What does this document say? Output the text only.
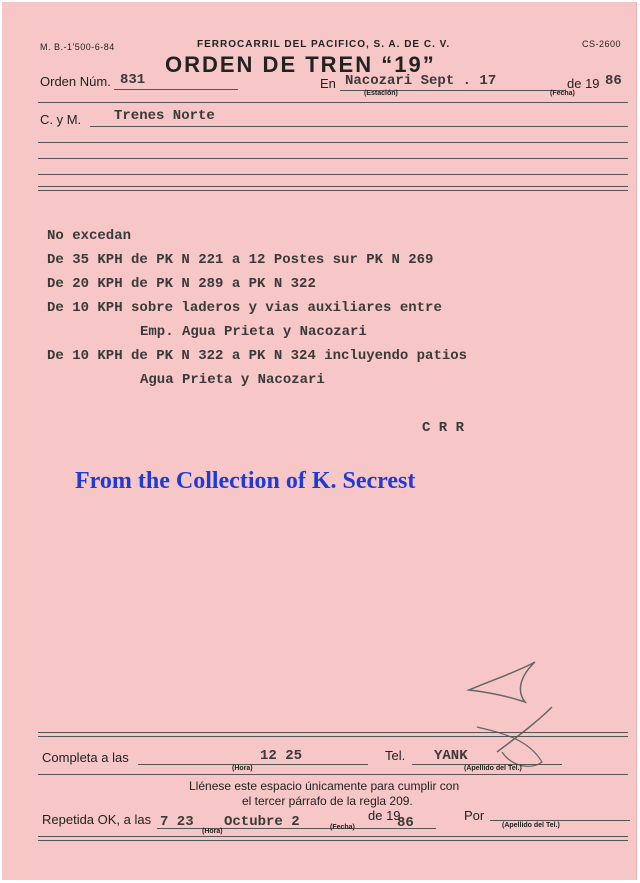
M. B.-1'500-6-84	FERROCARRIL DEL PACIFICO, S. A. DE C. V.	CS-2600
ORDEN DE TREN “19”
Orden Núm. 831	En Nacozari Sept . 17
(Estación)
de 19 86
(Fecha)
C. y M. Trenes Norte
No excedan
De 35 KPH de PK N 221 a 12 Postes sur PK N 269
De 20 KPH de PK N 289 a PK N 322
De 10 KPH sobre laderos y vias auxiliares entre
Emp. Agua Prieta y Nacozari
De 10 KPH de PK N 322 a PK N 324 incluyendo patios
Agua Prieta y Nacozari
C R R
From the Collection of K. Secrest
Completa a las	12 25
(Hora)
Tel. YANK
(Apellido del Tel.)
Llénese este espacio únicamente para cumplir con
el tercer párrafo de la regla 209.
Repetida OK, a las 7 23
(Hora)
Octubre 2	(Fecha)
de 19
86	Por
(Apellido del Tel.)
